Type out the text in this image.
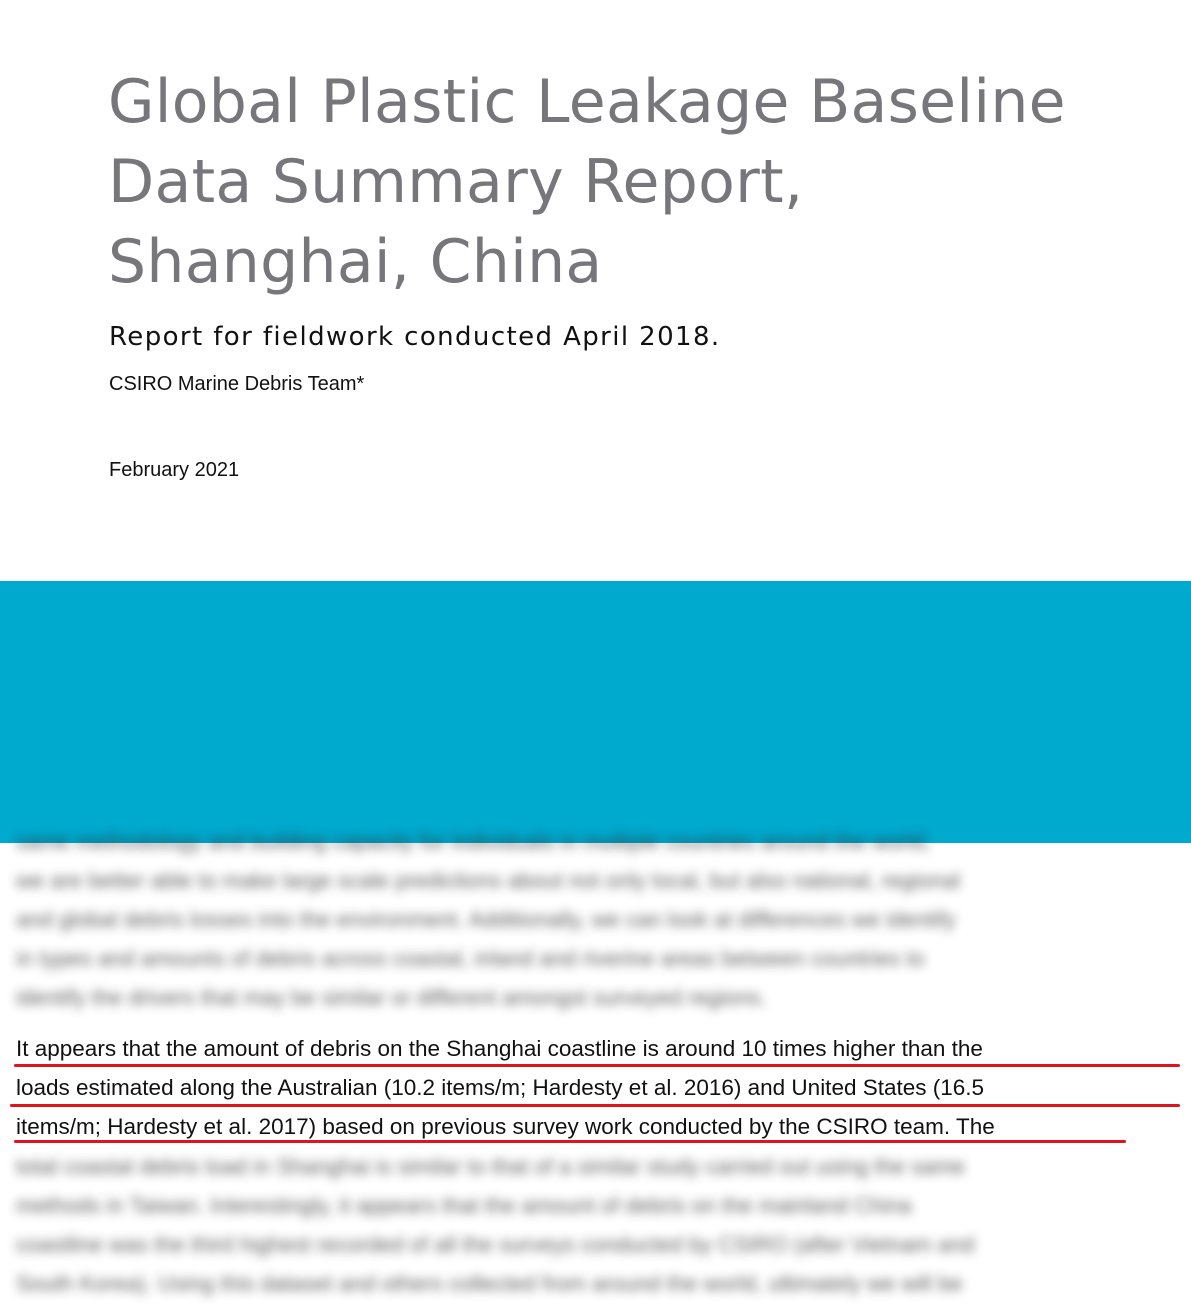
Global Plastic Leakage Baseline
Data Summary Report,
Shanghai, China
Report for fieldwork conducted April 2018.
CSIRO Marine Debris Team*
February 2021
same methodology and building capacity for individuals in multiple countries around the world,
we are better able to make large scale predictions about not only local, but also national, regional
and global debris losses into the environment. Additionally, we can look at differences we identify
in types and amounts of debris across coastal, inland and riverine areas between countries to
identify the drivers that may be similar or different amongst surveyed regions.
It appears that the amount of debris on the Shanghai coastline is around 10 times higher than the
loads estimated along the Australian (10.2 items/m; Hardesty et al. 2016) and United States (16.5
items/m; Hardesty et al. 2017) based on previous survey work conducted by the CSIRO team. The
total coastal debris load in Shanghai is similar to that of a similar study carried out using the same
methods in Taiwan. Interestingly, it appears that the amount of debris on the mainland China
coastline was the third highest recorded of all the surveys conducted by CSIRO (after Vietnam and
South Korea). Using this dataset and others collected from around the world, ultimately we will be
